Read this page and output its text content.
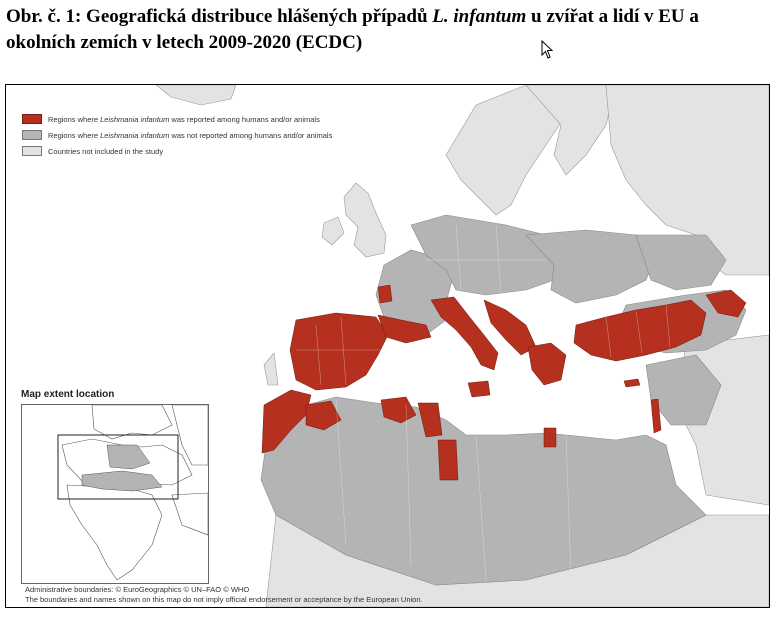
Obr. č. 1: Geografická distribuce hlášených případů L. infantum u zvířat a lidí v EU a
okolních zemích v letech 2009-2020 (ECDC)
Regions where Leishmania infantum was reported among humans and/or animals
Regions where Leishmania infantum was not reported among humans and/or animals
Countries not included in the study
Map extent location
Administrative boundaries: © EuroGeographics © UN–FAO © WHO
The boundaries and names shown on this map do not imply official endorsement or acceptance by the European Union.
